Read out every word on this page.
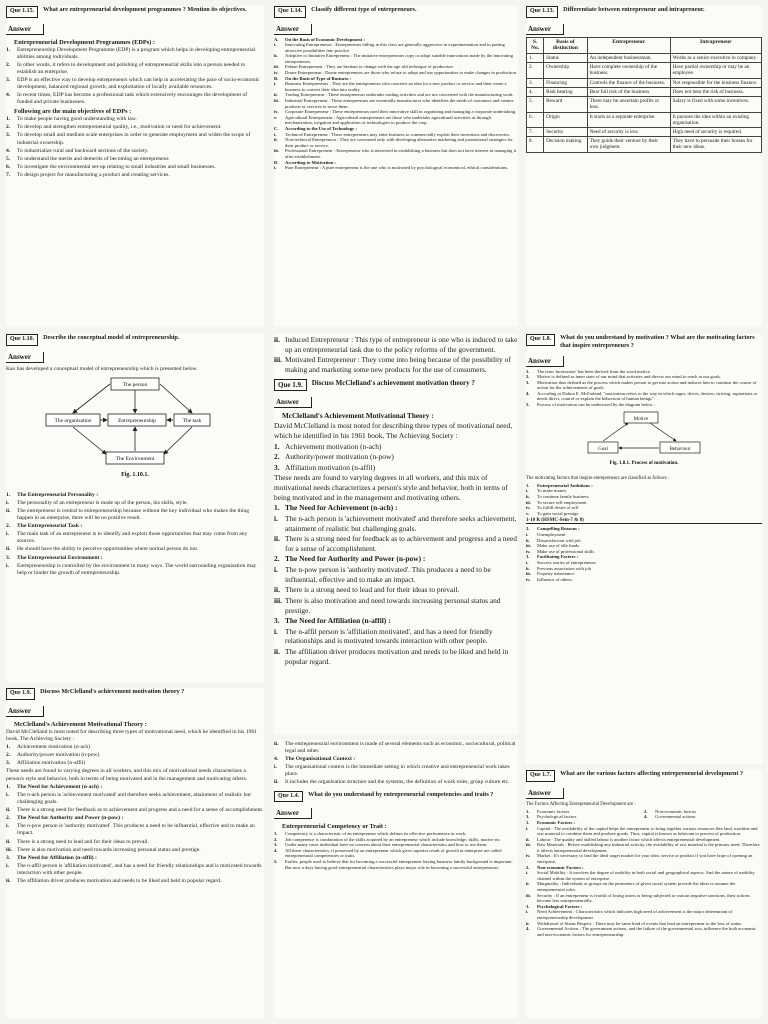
Que 1.15.	What are entrepreneurial development programmes ? Mention its objectives.
Answer
Entrepreneurial Development Programmes (EDPs) :
1.	Entrepreneurship Development Programme (EDP) is a program which helps in developing entrepreneurial abilities among individuals.
2.	In other words, it refers to development and polishing of entrepreneurial skills into a person needed to establish an enterprise.
3.	EDP is an effective way to develop entrepreneurs which can help in accelerating the pace of socio-economic development, balanced regional growth, and exploitation of locally available resources.
4.	In recent times, EDP has become a professional task which extensively encourages the development of funded and private businesses.
Following are the main objectives of EDPs :
1.	To make people having good understanding with law.
2.	To develop and strengthen entrepreneurial quality, i.e., motivation or need for achievement.
3.	To develop small and medium scale enterprises in order to generate employment and widen the scope of industrial ownership.
4.	To industrialize rural and backward sections of the society.
5.	To understand the merits and demerits of becoming an entrepreneur.
6.	To investigate the environmental set-up relating to small industries and small businesses.
7.	To design project for manufacturing a product and creating services.
Que 1.14.	Classify different type of entrepreneurs.
Answer
A.	On the Basis of Economic Development :
i.	Innovating Entrepreneurs : Entrepreneurs falling in this class are generally aggressive in experimentation and in putting attractive possibilities into practice.
ii.	Adoptive or Imitative Entrepreneur : The imitative entrepreneurs copy or adopt suitable innovations made by the innovating entrepreneurs.
iii.	Fabian Entrepreneur : They are hesitant to change with the age-old technique of production.
iv.	Drone Entrepreneur : Drone entrepreneurs are those who refuse to adopt and use opportunities to make changes in production.
B.	On the Basis of Type of Business :
i.	Business Entrepreneurs : They are the entrepreneurs who conceive an idea for a new product or service and then create a business to convert their idea into reality.
ii.	Trading Entrepreneur : These entrepreneurs undertake trading activities and are not concerned with the manufacturing work.
iii.	Industrial Entrepreneur : These entrepreneurs are essentially manufacturer who identifies the needs of customers and creates products or services to serve them.
iv.	Corporate Entrepreneur : These entrepreneurs used their innovative skill in organizing and managing a corporate undertaking.
v.	Agricultural Entrepreneur : Agricultural entrepreneurs are those who undertake agricultural activities as through mechanization, irrigation and application of technologies to produce the crop.
C.	According to the Use of Technology :
i.	Technical Entrepreneur : These entrepreneurs may enter business to commercially exploit their inventions and discoveries.
ii.	Non-technical Entrepreneur : They are concerned only with developing alternative marketing and promotional strategies for their product or service.
iii.	Professional Entrepreneur : Entrepreneur who is interested in establishing a business but does not have interest in managing it after establishment.
D.	According to Motivation :
i.	Pure Entrepreneur : A pure entrepreneur is the one who is motivated by psychological economical, ethical considerations.
Que 1.13.	Differentiate between entrepreneur and intrapreneur.
Answer
S. No.	Basis of distinction	Entrepreneur	Intrapreneur
1.	Status	An independent businessman.	Works as a senior executive in company.
2.	Ownership	Have complete ownership of the business.	Have partial ownership or may be an employee.
3.	Financing	Controls the finance of the business.	Not responsible for the business finance.
4.	Risk bearing	Bear full risk of the business.	Does not bear the risk of business.
5.	Reward	There may be uncertain profits or loss.	Salary is fixed with some incentives.
6.	Origin	It starts as a separate enterprise.	It pursues the idea within an existing organisation.
7.	Security	Need of security is low.	High need of security is required.
8.	Decision making	They guide their venture by their own judgment.	They have to persuade their bosses for their new ideas.
Que 1.10.	Describe the conceptual model of entrepreneurship.
Answer

Kao has developed a conceptual model of entrepreneurship which is presented below.

The person
The organisation	Entrepreneurship	The task
The Environment
Fig. 1.10.1.
1.	The Entrepreneurial Personality :
i.	The personality of an entrepreneur is made up of the person, his skills, style.
ii.	The entrepreneur is central to entrepreneurship because without the key individual who makes the thing happen in an enterprise, there will be no positive result.
2.	The Entrepreneurial Task :
i.	The main task of an entrepreneur is to identify and exploit those opportunities that may come from any sources.
ii.	He should have the ability to perceive opportunities where normal person do not.
3.	The Entrepreneurial Environment :
i.	Entrepreneurship is controlled by the environment in many ways. The world surrounding organisation may help or hinder the growth of entrepreneurship.
ii. Induced Entrepreneur : This type of entrepreneur is one who is induced to take up an entrepreneurial task due to the policy reforms of the government.
iii. Motivated Entrepreneur : They come into being because of the possibility of making and marketing some new products for the use of consumers.
Que 1.9.	Discuss McClelland's achievement motivation theory ?
Answer
McClelland's Achievement Motivational Theory :

David McClelland is most noted for describing three types of motivational need, which he identified in his 1961 book, The Achieving Society :

1. Achievement motivation (n-ach)
2. Authority/power motivation (n-pow)
3. Affiliation motivation (n-affil)

These needs are found to varying degrees in all workers, and this mix of motivational needs characterizes a person's style and behavior, both in terms of being motivated and in the management and motivating others.

1. The Need for Achievement (n-ach) :
i. The n-ach person is 'achievement motivated' and therefore seeks achievement, attainment of realistic but challenging goals.
ii. There is a strong need for feedback as to achievement and progress and a need for a sense of accomplishment.
2. The Need for Authority and Power (n-pow) :
i. The n-pow person is 'authority motivated'. This produces a need to be influential, effective and to make an impact.
ii. There is a strong need to lead and for their ideas to prevail.
iii. There is also motivation and need towards increasing personal status and prestige.
3. The Need for Affiliation (n-affil) :
i. The n-affil person is 'affiliation motivated', and has a need for friendly relationships and is motivated towards interaction with other people.
ii. The affiliation driver produces motivation and needs to be liked and held in popular regard.
Que 1.8.	What do you understand by motivation ? What are the motivating factors that inspire entrepreneurs ?
Answer
1.	The term 'motivation' has been derived from the word motive.
2.	Motive is defined as inner state of our mind that activates and directs our mind to reach at our goals.
3.	Motivation thus defined as the process which makes person to get into action and induces him to continue the course of action for the achievements of goals.
4.	According to Dalton E. McFarland, "motivation refers to the way in which urges, drives, desires, striving, aspirations or needs direct, control or explain the behaviour of human beings".
5.	Process of motivation can be understood by the diagram below :
Motive
Goal	Behaviour
Fig. 1.8.1. Process of motivation.

The motivating factors that inspire entrepreneurs are classified as follows :

1.	Entrepreneurial Ambitions :
i.	To make money
ii.	To continue family business
iii.	To secure self employment
iv.	To fulfill desire of self
v.	To gain social prestige
1-10 R (HSMC-Sem-7 & 8)
2.	Compelling Reasons :
i.	Unemployment
ii.	Dissatisfaction with job
iii.	Make use of idle funds
iv.	Make use of professional skills
3.	Facilitating Factors :
i.	Success stories of entrepreneurs
ii.	Previous association with job
iii.	Property inheritance
iv.	Influence of others.
Que 1.9.	Discuss McClelland's achievement motivation theory ?
Answer
McClelland's Achievement Motivational Theory :

David McClelland is most noted for describing three types of motivational need, which he identified in his 1961 book, The Achieving Society :

1.	Achievement motivation (n-ach)
2.	Authority/power motivation (n-pow)
3.	Affiliation motivation (n-affil)

These needs are found to varying degrees in all workers, and this mix of motivational needs characterizes a person's style and behavior, both in terms of being motivated and in the management and motivating others.

1.	The Need for Achievement (n-ach) :
i.	The n-ach person is 'achievement motivated' and therefore seeks achievement, attainment of realistic but challenging goals.
ii.	There is a strong need for feedback as to achievement and progress and a need for a sense of accomplishment.
2.	The Need for Authority and Power (n-pow) :
i.	The n-pow person is 'authority motivated'. This produces a need to be influential, effective and to make an impact.
ii.	There is a strong need to lead and for their ideas to prevail.
iii. There is also motivation and need towards increasing personal status and prestige.
3.	The Need for Affiliation (n-affil) :
i.	The n-affil person is 'affiliation motivated', and has a need for friendly relationships and is motivated towards interaction with other people.
ii.	The affiliation driver produces motivation and needs to be liked and held in popular regard.
ii.	The entrepreneurial environment is made of several elements such as economic, sociocultural, political legal and other.
4.	The Organisational Context :
i.	The organisational context is the immediate setting in which creative and entrepreneurial work takes place.
ii.	It includes the organisation structure and the systems, the definition of work roles, group culture etc.
Que 1.4.	What do you understand by entrepreneurial competencies and traits ?
Answer
Entrepreneurial Competency or Trait :
1.	Competency is a characteristic of an entrepreneur which defines its effective performance in work.
2.	Job competence is combination of the skills acquired by an entrepreneur which include knowledge, skills, motive etc.
3.	Under many cases individual have no concern about their entrepreneurial characteristics and how to use them.
4.	All these characteristics, if possessed by an entrepreneur which gives superior result of growth in enterprise are called entrepreneurial competencies or traits.
5.	Earlier, people used to believe that for becoming a successful entrepreneur having business family background is important. But now a days having good entrepreneurial characteristics plays major role in becoming a successful entrepreneurs.
Que 1.7.	What are the various factors affecting entrepreneurial development ?
Answer

The Factors Affecting Entrepreneurial Development are :

1.	Economic factors	2.	Non-economic factors
3.	Psychological factors	4.	Governmental actions
1.	Economic Factors :
i.	Capital : The availability of the capital helps the entrepreneur to bring together various resources like land, machine and raw material to combine them and produce goods. Thus, capital is known as lubricant to process of production.
ii.	Labour : The quality and skilled labour is another factor which affects entrepreneurial development.
iii.	Raw Materials : Before establishing any industrial activity, the availability of raw material is the primary need. Therefore it affects entrepreneurial development.
iv.	Market : It's necessary to find the ideal target market for your idea, service or product if you have hope of opening an enterprise.
2.	Non-economic Factors :
i.	Social Mobility : It involves the degree of mobility in both social and geographical aspects. And the nature of mobility channel within the system of enterprise.
ii.	Marginality : Individuals or groups on the perimeters of given social system provide the ideas to assume the entrepreneurial roles.
iii.	Security : If an entrepreneur is fearful of losing assets or being subjected to various negative sanctions, their actions become less entrepreneurially.
3.	Psychological Factors :
i.	Need Achievement : Characteristics which indicates high need of achievement is the major determinant of entrepreneurship development.
ii.	Withdrawal of Status Respect : There may be same kind of events that lead an entrepreneur to the loss of status.
4.	Governmental Actions : The government actions, and the failure of the governmental acts, influence the both economic and non-economic factors for entrepreneurship.
